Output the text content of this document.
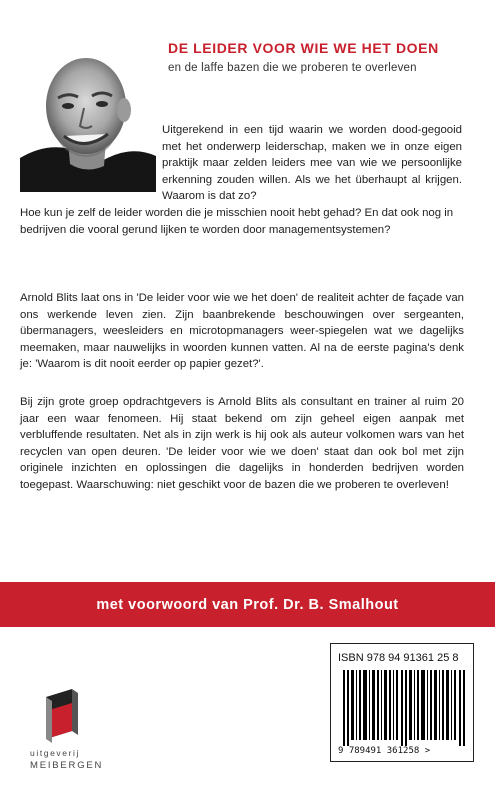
DE LEIDER VOOR WIE WE HET DOEN
en de laffe bazen die we proberen te overleven
Uitgerekend in een tijd waarin we worden dood-gegooid met het onderwerp leiderschap, maken we in onze eigen praktijk maar zelden leiders mee van wie we persoonlijke erkenning zouden willen. Als we het überhaupt al krijgen. Waarom is dat zo?
Hoe kun je zelf de leider worden die je misschien nooit hebt gehad? En dat ook nog in bedrijven die vooral gerund lijken te worden door managementsystemen?
Arnold Blits laat ons in 'De leider voor wie we het doen' de realiteit achter de façade van ons werkende leven zien. Zijn baanbrekende beschouwingen over sergeanten, übermanagers, weesleiders en microtopmanagers weer-spiegelen wat we dagelijks meemaken, maar nauwelijks in woorden kunnen vatten. Al na de eerste pagina's denk je: 'Waarom is dit nooit eerder op papier gezet?'.
Bij zijn grote groep opdrachtgevers is Arnold Blits als consultant en trainer al ruim 20 jaar een waar fenomeen. Hij staat bekend om zijn geheel eigen aanpak met verbluffende resultaten. Net als in zijn werk is hij ook als auteur volkomen wars van het recyclen van open deuren. 'De leider voor wie we doen' staat dan ook bol met zijn originele inzichten en oplossingen die dagelijks in honderden bedrijven worden toegepast. Waarschuwing: niet geschikt voor de bazen die we proberen te overleven!
met voorwoord van Prof. Dr. B. Smalhout
uitgeverij
MEIBERGEN
ISBN 978 94 91361 25 8
9 789491 361258 >
